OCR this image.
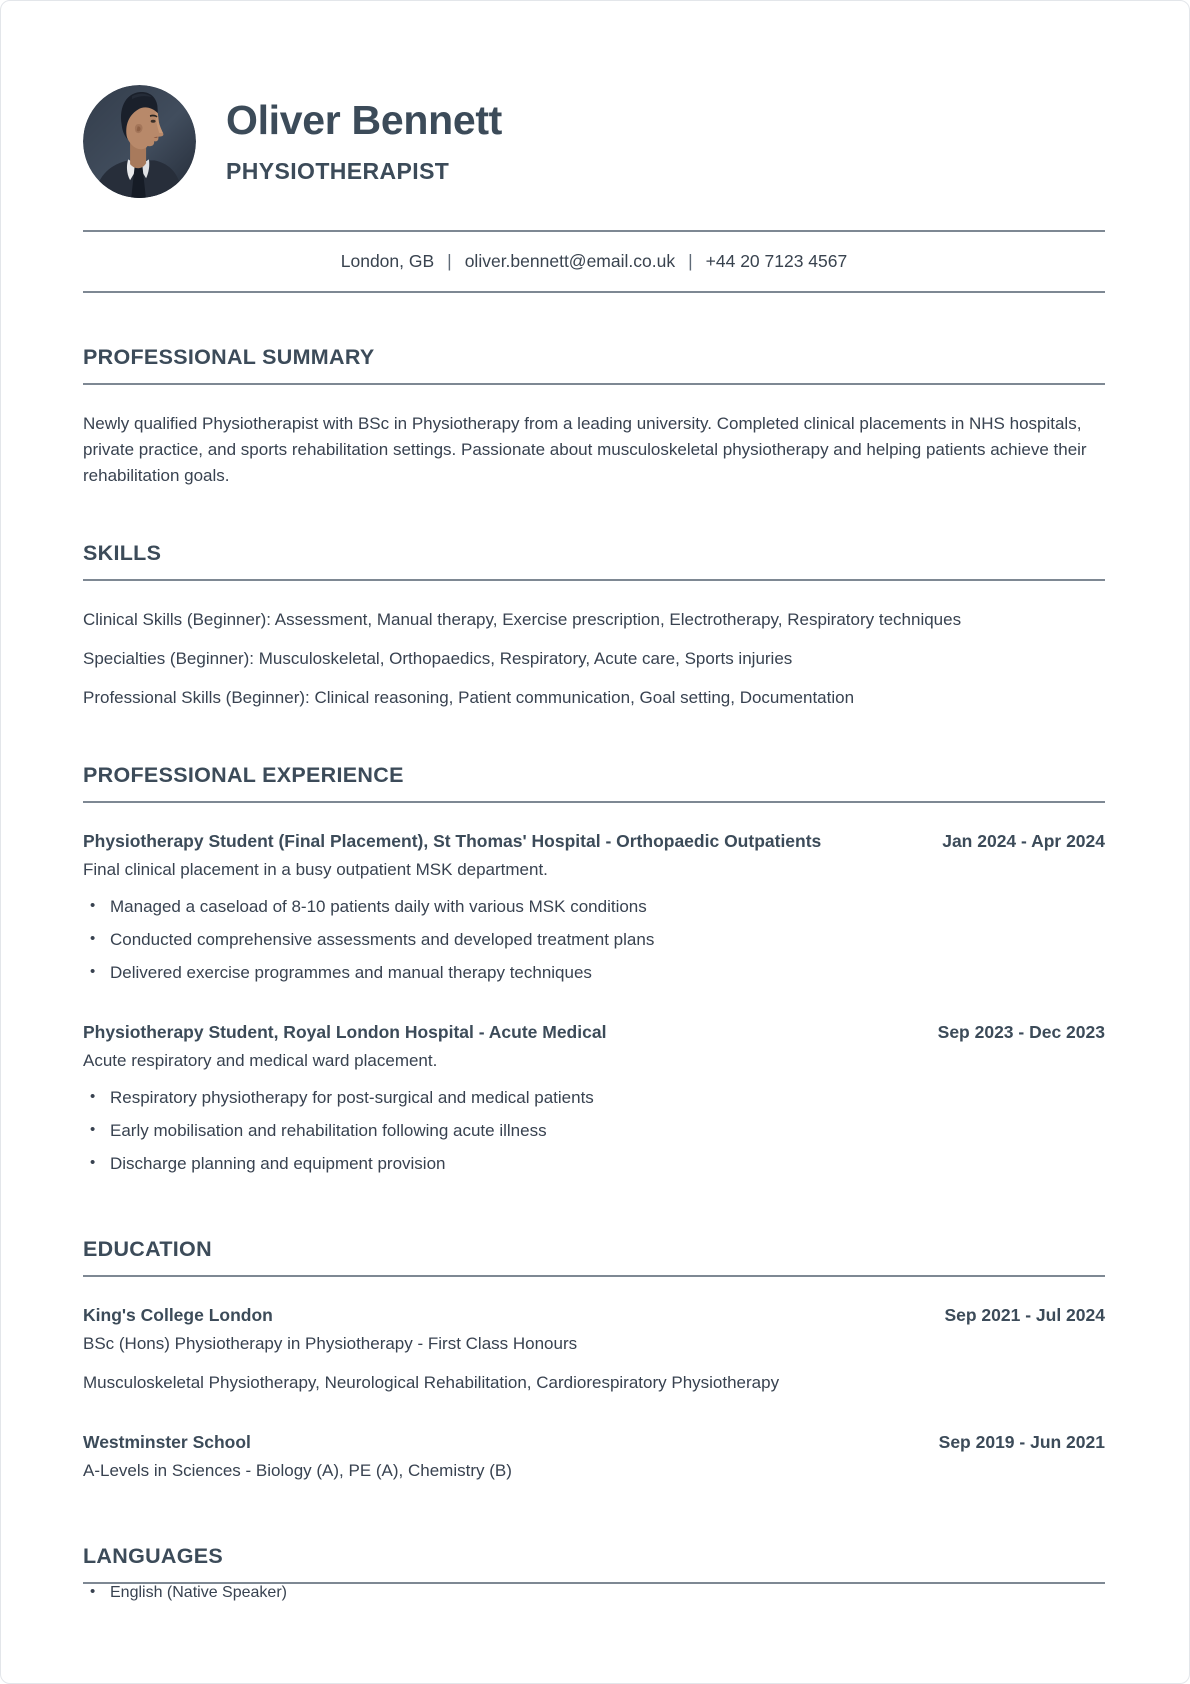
Oliver Bennett
PHYSIOTHERAPIST
London, GB | oliver.bennett@email.co.uk | +44 20 7123 4567
PROFESSIONAL SUMMARY

Newly qualified Physiotherapist with BSc in Physiotherapy from a leading university. Completed clinical placements in NHS hospitals, private practice, and sports rehabilitation settings. Passionate about musculoskeletal physiotherapy and helping patients achieve their rehabilitation goals.

SKILLS

Clinical Skills (Beginner): Assessment, Manual therapy, Exercise prescription, Electrotherapy, Respiratory techniques

Specialties (Beginner): Musculoskeletal, Orthopaedics, Respiratory, Acute care, Sports injuries

Professional Skills (Beginner): Clinical reasoning, Patient communication, Goal setting, Documentation

PROFESSIONAL EXPERIENCE
Physiotherapy Student (Final Placement), St Thomas' Hospital - Orthopaedic Outpatients	Jan 2024 - Apr 2024

Final clinical placement in a busy outpatient MSK department.

• Managed a caseload of 8-10 patients daily with various MSK conditions
• Conducted comprehensive assessments and developed treatment plans
• Delivered exercise programmes and manual therapy techniques
Physiotherapy Student, Royal London Hospital - Acute Medical	Sep 2023 - Dec 2023

Acute respiratory and medical ward placement.

• Respiratory physiotherapy for post-surgical and medical patients
• Early mobilisation and rehabilitation following acute illness
• Discharge planning and equipment provision
EDUCATION
King's College London	Sep 2021 - Jul 2024

BSc (Hons) Physiotherapy in Physiotherapy - First Class Honours

Musculoskeletal Physiotherapy, Neurological Rehabilitation, Cardiorespiratory Physiotherapy

Westminster School	Sep 2019 - Jun 2021

A-Levels in Sciences - Biology (A), PE (A), Chemistry (B)

LANGUAGES
• English (Native Speaker)
